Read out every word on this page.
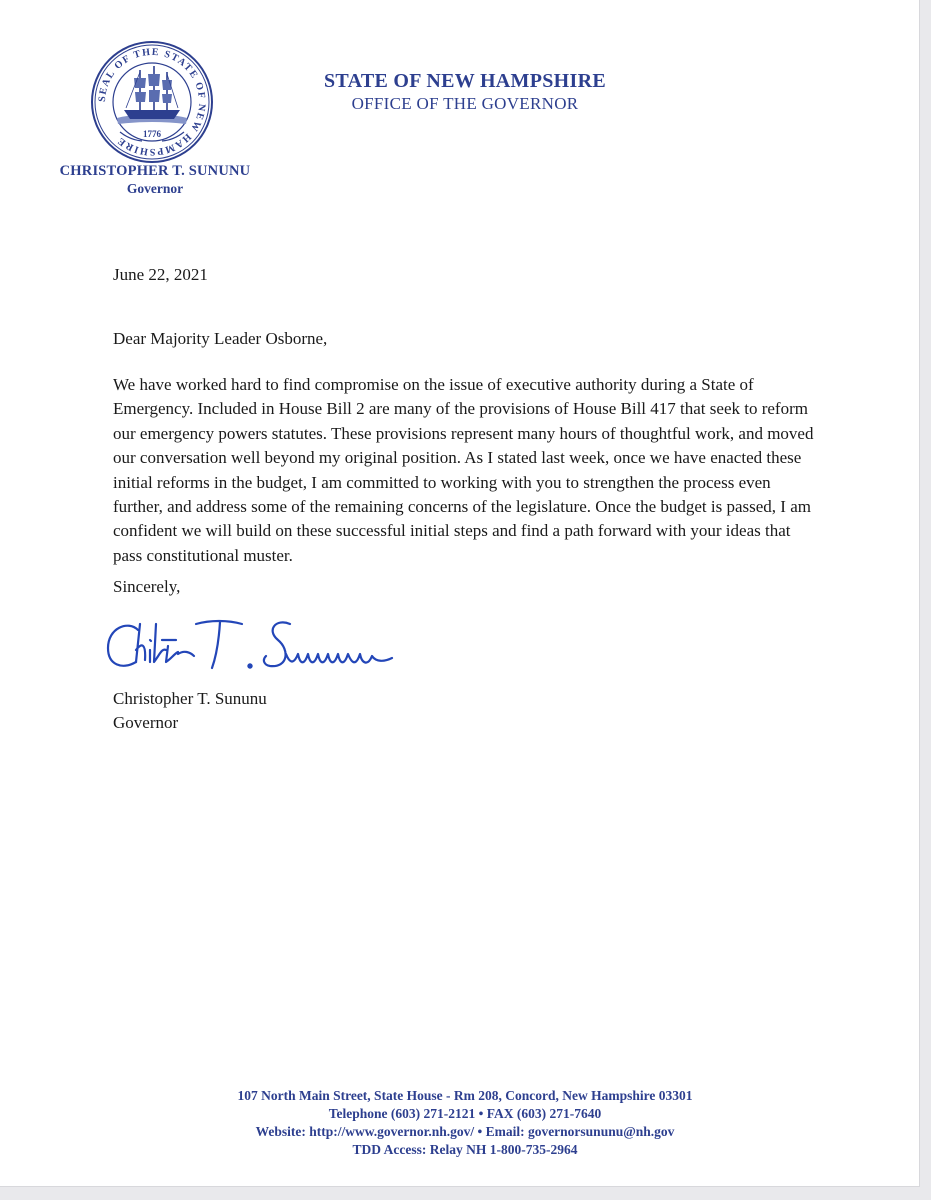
SEAL OF THE STATE OF NEW HAMPSHIRE
1776
STATE OF NEW HAMPSHIRE
OFFICE OF THE GOVERNOR
CHRISTOPHER T. SUNUNU
Governor
June 22, 2021
Dear Majority Leader Osborne,
We have worked hard to find compromise on the issue of executive authority during a State of Emergency. Included in House Bill 2 are many of the provisions of House Bill 417 that seek to reform our emergency powers statutes. These provisions represent many hours of thoughtful work, and moved our conversation well beyond my original position. As I stated last week, once we have enacted these initial reforms in the budget, I am committed to working with you to strengthen the process even further, and address some of the remaining concerns of the legislature. Once the budget is passed, I am confident we will build on these successful initial steps and find a path forward with your ideas that pass constitutional muster.
Sincerely,
Christopher T. Sununu
Governor
107 North Main Street, State House - Rm 208, Concord, New Hampshire 03301
Telephone (603) 271-2121 • FAX (603) 271-7640
Website: http://www.governor.nh.gov/ • Email: governorsununu@nh.gov
TDD Access: Relay NH 1-800-735-2964
